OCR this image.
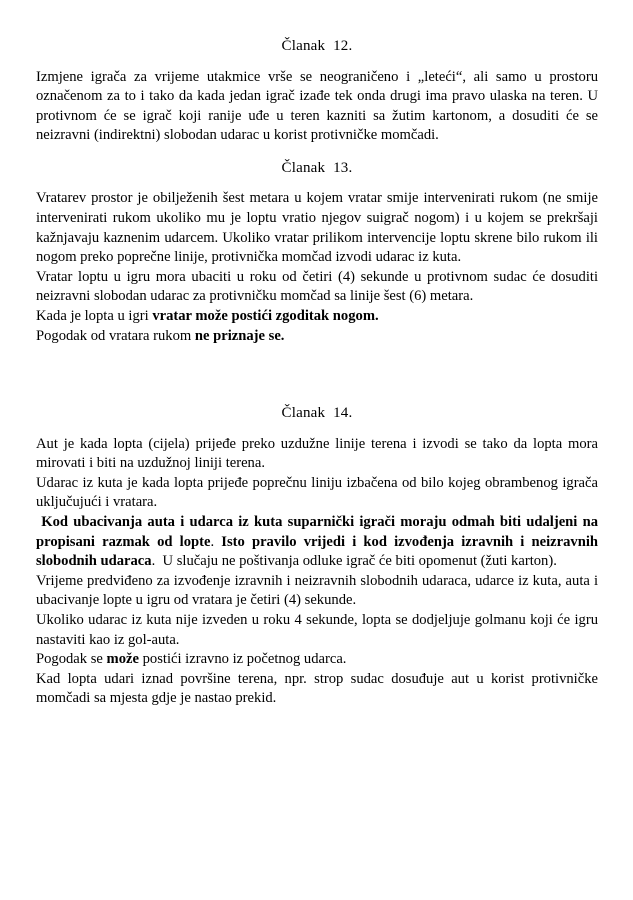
Članak  12.

Izmjene igrača za vrijeme utakmice vrše se neograničeno i „leteći“, ali samo u prostoru označenom za to i tako da kada jedan igrač izađe tek onda drugi ima pravo ulaska na teren. U protivnom će se igrač koji ranije uđe u teren kazniti sa žutim kartonom, a dosuditi će se neizravni (indirektni) slobodan udarac u korist protivničke momčadi.

Članak  13.

Vratarev prostor je obilježenih šest metara u kojem vratar smije intervenirati rukom (ne smije intervenirati rukom ukoliko mu je loptu vratio njegov suigrač nogom) i u kojem se prekršaji kažnjavaju kaznenim udarcem. Ukoliko vratar prilikom intervencije loptu skrene bilo rukom ili nogom preko poprečne linije, protivnička momčad izvodi udarac iz kuta.

Vratar loptu u igru mora ubaciti u roku od četiri (4) sekunde u protivnom sudac će dosuditi neizravni slobodan udarac za protivničku momčad sa linije šest (6) metara.

Kada je lopta u igri vratar može postići zgoditak nogom.

Pogodak od vratara rukom ne priznaje se.

Članak  14.

Aut je kada lopta (cijela) prijeđe preko uzdužne linije terena i izvodi se tako da lopta mora mirovati i biti na uzdužnoj liniji terena.

Udarac iz kuta je kada lopta prijeđe poprečnu liniju izbačena od bilo kojeg obrambenog igrača uključujući i vratara.

Kod ubacivanja auta i udarca iz kuta suparnički igrači moraju odmah biti udaljeni na propisani razmak od lopte. Isto pravilo vrijedi i kod izvođenja izravnih i neizravnih slobodnih udaraca.  U slučaju ne poštivanja odluke igrač će biti opomenut (žuti karton).

Vrijeme predviđeno za izvođenje izravnih i neizravnih slobodnih udaraca, udarce iz kuta, auta i ubacivanje lopte u igru od vratara je četiri (4) sekunde.

Ukoliko udarac iz kuta nije izveden u roku 4 sekunde, lopta se dodjeljuje golmanu koji će igru nastaviti kao iz gol-auta.

Pogodak se može postići izravno iz početnog udarca.

Kad lopta udari iznad površine terena, npr. strop sudac dosuđuje aut u korist protivničke momčadi sa mjesta gdje je nastao prekid.
